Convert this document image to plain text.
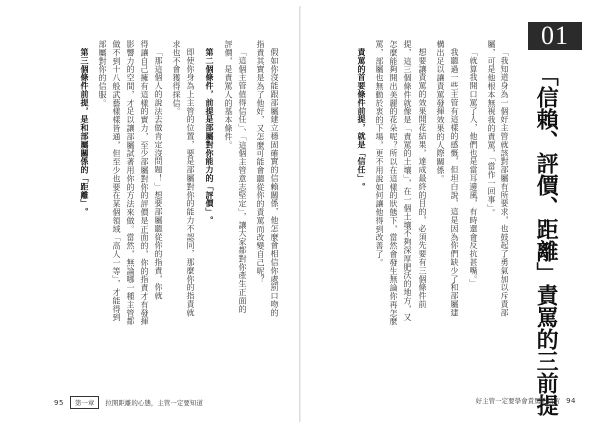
01
「信賴、評價、距離」責罵的三前提
「我知道身為一個好主管就該對部屬有所要求，也鼓起了勇氣加以斥責部
屬，可是他根本無視我的責罵，「當作一回事」。
「就算我開口罵了人，他們也是當耳邊風，有時還會反抗甚嘴。」
我聽過一些主管有這樣的感慨，但坦白說，這是因為你們缺少了和部屬建
構出足以讓責罵發揮效果的人際關係。
想要讓責罵的效果開花結果，達成最終的目的，必須先要有三個條件前
提，這三個條件就像是「責罵的土壤」，在一個土壤不夠深厚肥沃的地方，又
怎麼能夠開出美麗的花朵呢？所以在這樣的狀態下，當然會發生無論你再怎麼
罵，部屬也無動於衷的下場，更不用說如何讓他得到改善了。
責罵的首要條件前提，就是「信任」。
好主管一定要學會責罵的技術 94
假如你沒能跟部屬建立穩固確實的信賴關係，他怎麼會相信你處罰口吻的
指責其實是為了他好，又怎麼可能會聽從你的責罵而改變自己呢？
「這個主管值得信任」、「這個主管意志堅定」，讓大家都對你產生正面的
評價，是責罵人的基本條件。
第二個條件，前提是部屬對你能力的「評價」。
即使你身為上主管的位置，要是部屬對你的能力不認同，那麼你的指責就
求也不會獲得採信。
「那這個人的說法去做肯定沒問題！」想要部屬聽從你的指責，你就
得讓自己擁有這樣的實力，至少部屬對你的評價是正面的，你的指責才有發揮
影響力的空間，才足以讓部屬試著用你的方法來做。當然，無論哪一種主管都
做不到十八般武藝樣樣皆通，但至少也要在某個領域「高人一等」，才能得到
部屬對你的信服。
第三個條件前提，是和部屬關係的「距離」。
95	第一章	拉開距離的心態，主管一定要知道
